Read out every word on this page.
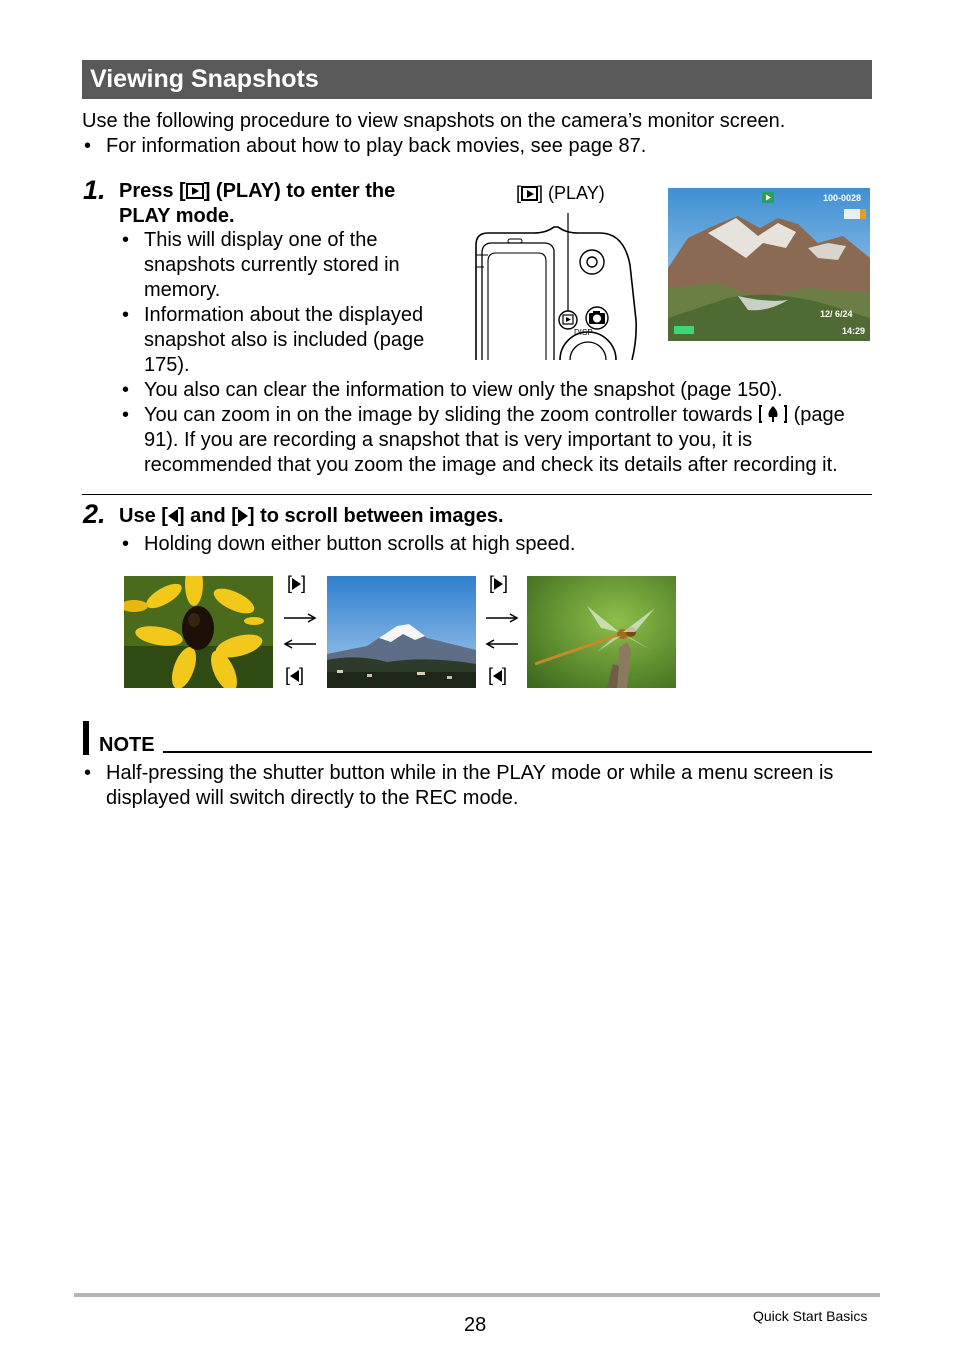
Viewing Snapshots
Use the following procedure to view snapshots on the camera’s monitor screen.
• For information about how to play back movies, see page 87.
1. Press [ ] (PLAY) to enter the
PLAY mode.
• This will display one of the
snapshots currently stored in
memory.
• Information about the displayed
snapshot also is included (page
175).
[ ] (PLAY)
DISP
100-0028
12/ 6/24
14:29
• You also can clear the information to view only the snapshot (page 150).
• You can zoom in on the image by sliding the zoom controller towards (page
91). If you are recording a snapshot that is very important to you, it is
recommended that you zoom the image and check its details after recording it.
2. Use [ ] and [ ] to scroll between images.
• Holding down either button scrolls at high speed.
[ ]
[ ]
[ ]
[ ]
NOTE
• Half-pressing the shutter button while in the PLAY mode or while a menu screen is
displayed will switch directly to the REC mode.
28	Quick Start Basics
